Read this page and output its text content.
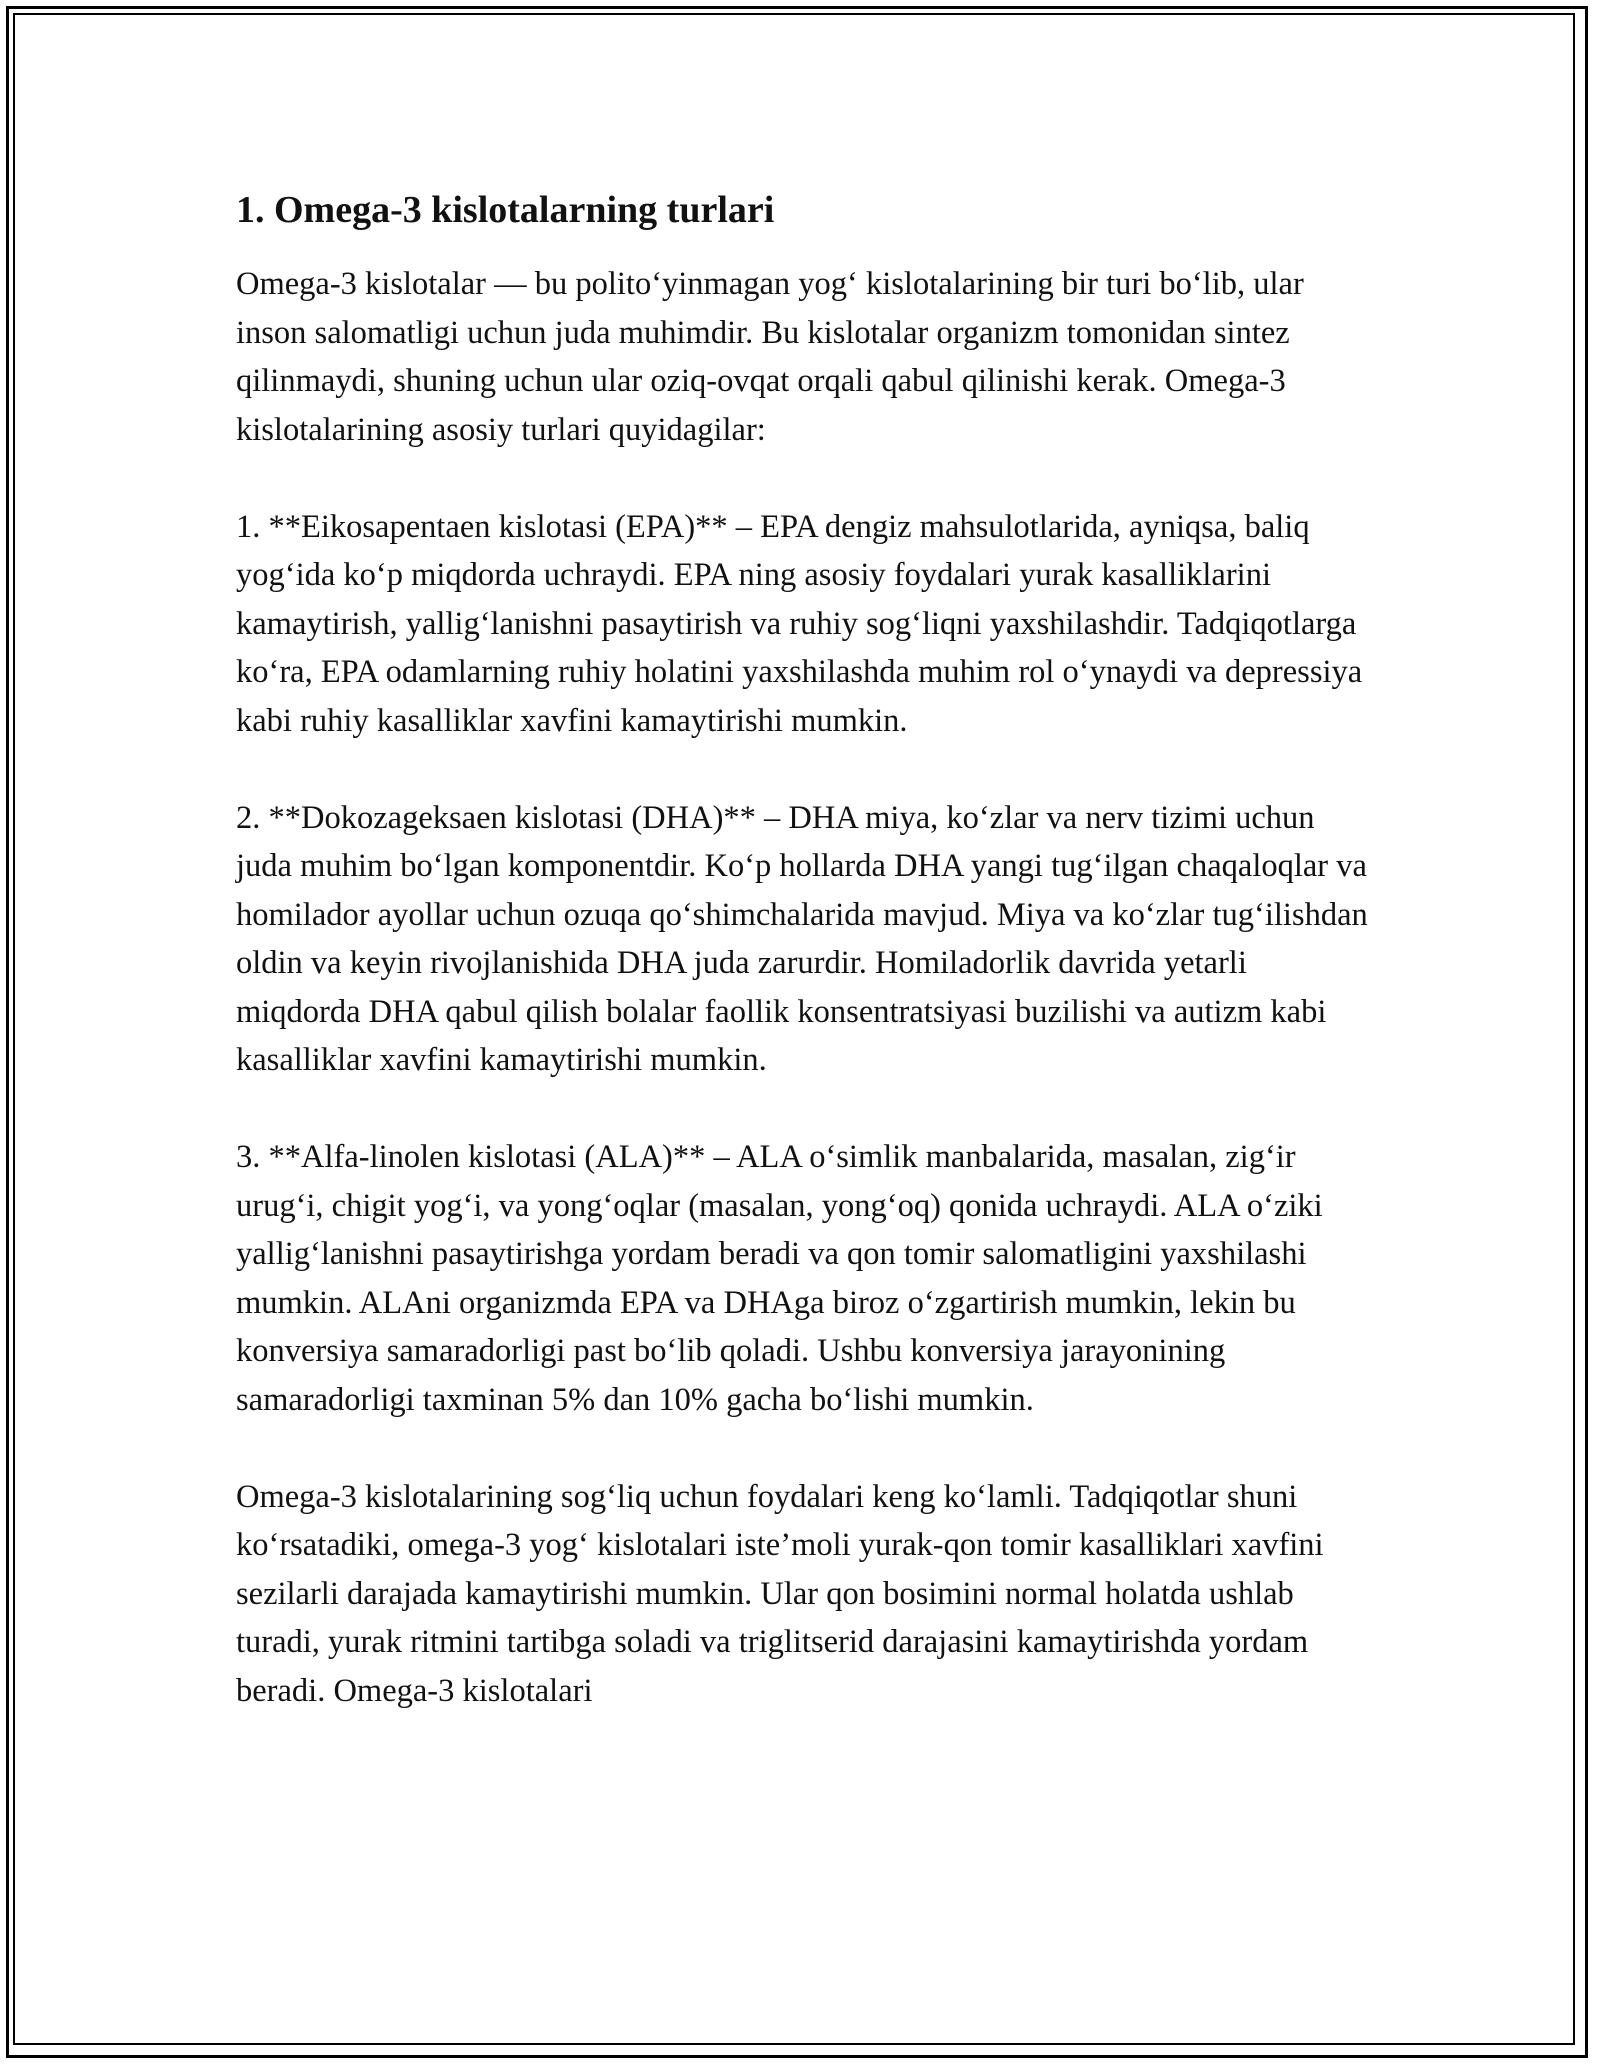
1. Omega-3 kislotalarning turlari

Omega-3 kislotalar — bu polito‘yinmagan yog‘ kislotalarining bir turi bo‘lib, ular inson salomatligi uchun juda muhimdir. Bu kislotalar organizm tomonidan sintez qilinmaydi, shuning uchun ular oziq-ovqat orqali qabul qilinishi kerak. Omega-3 kislotalarining asosiy turlari quyidagilar:

1. **Eikosapentaen kislotasi (EPA)** – EPA dengiz mahsulotlarida, ayniqsa, baliq yog‘ida ko‘p miqdorda uchraydi. EPA ning asosiy foydalari yurak kasalliklarini kamaytirish, yallig‘lanishni pasaytirish va ruhiy sog‘liqni yaxshilashdir. Tadqiqotlarga ko‘ra, EPA odamlarning ruhiy holatini yaxshilashda muhim rol o‘ynaydi va depressiya kabi ruhiy kasalliklar xavfini kamaytirishi mumkin.

2. **Dokozageksaen kislotasi (DHA)** – DHA miya, ko‘zlar va nerv tizimi uchun juda muhim bo‘lgan komponentdir. Ko‘p hollarda DHA yangi tug‘ilgan chaqaloqlar va homilador ayollar uchun ozuqa qo‘shimchalarida mavjud. Miya va ko‘zlar tug‘ilishdan oldin va keyin rivojlanishida DHA juda zarurdir. Homiladorlik davrida yetarli miqdorda DHA qabul qilish bolalar faollik konsentratsiyasi buzilishi va autizm kabi kasalliklar xavfini kamaytirishi mumkin.

3. **Alfa-linolen kislotasi (ALA)** – ALA o‘simlik manbalarida, masalan, zig‘ir urug‘i, chigit yog‘i, va yong‘oqlar (masalan, yong‘oq) qonida uchraydi. ALA o‘ziki yallig‘lanishni pasaytirishga yordam beradi va qon tomir salomatligini yaxshilashi mumkin. ALAni organizmda EPA va DHAga biroz o‘zgartirish mumkin, lekin bu konversiya samaradorligi past bo‘lib qoladi. Ushbu konversiya jarayonining samaradorligi taxminan 5% dan 10% gacha bo‘lishi mumkin.

Omega-3 kislotalarining sog‘liq uchun foydalari keng ko‘lamli. Tadqiqotlar shuni ko‘rsatadiki, omega-3 yog‘ kislotalari iste’moli yurak-qon tomir kasalliklari xavfini sezilarli darajada kamaytirishi mumkin. Ular qon bosimini normal holatda ushlab turadi, yurak ritmini tartibga soladi va triglitserid darajasini kamaytirishda yordam beradi. Omega-3 kislotalari
